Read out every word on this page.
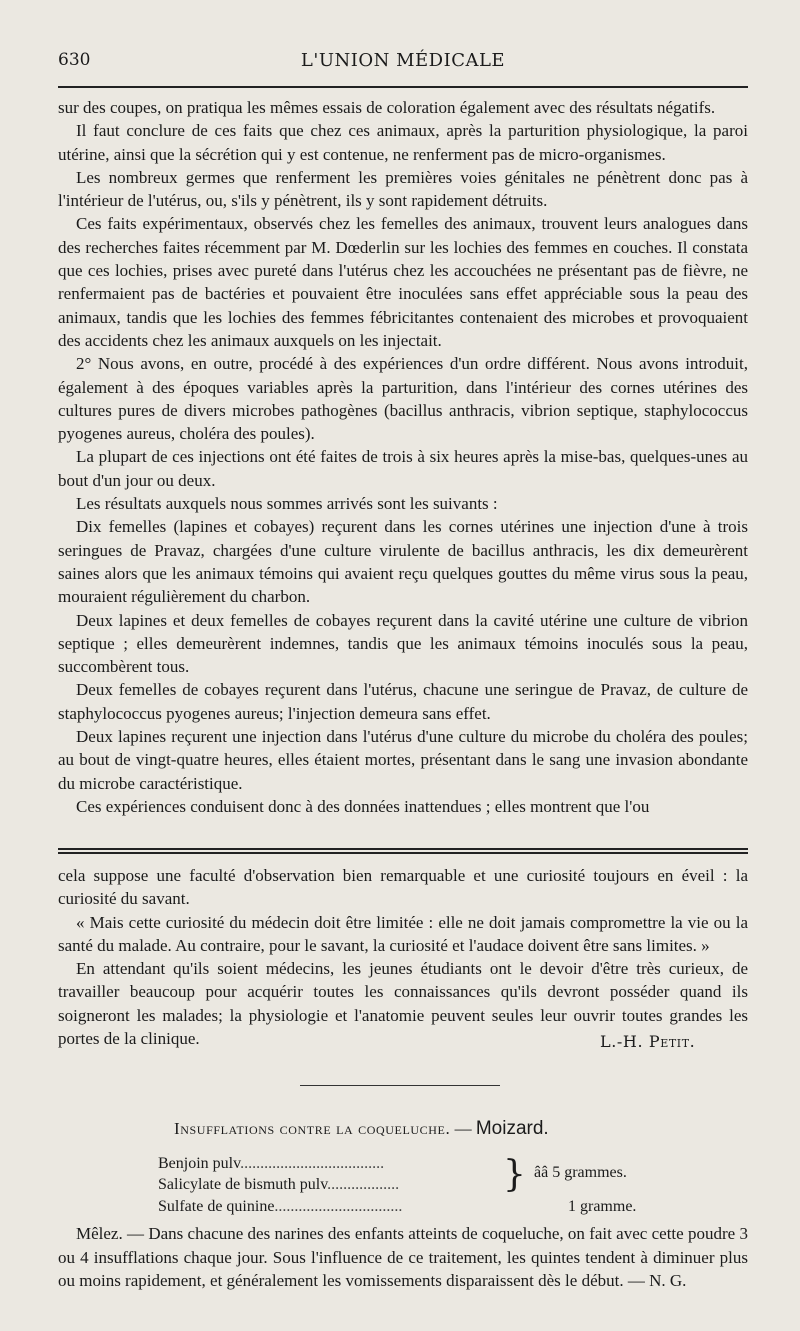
630	L'UNION MÉDICALE

sur des coupes, on pratiqua les mêmes essais de coloration également avec des résultats négatifs.

Il faut conclure de ces faits que chez ces animaux, après la parturition physiologique, la paroi utérine, ainsi que la sécrétion qui y est contenue, ne renferment pas de micro-organismes.

Les nombreux germes que renferment les premières voies génitales ne pénètrent donc pas à l'intérieur de l'utérus, ou, s'ils y pénètrent, ils y sont rapidement détruits.

Ces faits expérimentaux, observés chez les femelles des animaux, trouvent leurs analogues dans des recherches faites récemment par M. Dœderlin sur les lochies des femmes en couches. Il constata que ces lochies, prises avec pureté dans l'utérus chez les accouchées ne présentant pas de fièvre, ne renfermaient pas de bactéries et pouvaient être inoculées sans effet appréciable sous la peau des animaux, tandis que les lochies des femmes fébricitantes contenaient des microbes et provoquaient des accidents chez les animaux auxquels on les injectait.

2° Nous avons, en outre, procédé à des expériences d'un ordre différent. Nous avons introduit, également à des époques variables après la parturition, dans l'intérieur des cornes utérines des cultures pures de divers microbes pathogènes (bacillus anthracis, vibrion septique, staphylococcus pyogenes aureus, choléra des poules).

La plupart de ces injections ont été faites de trois à six heures après la mise-bas, quelques-unes au bout d'un jour ou deux.

Les résultats auxquels nous sommes arrivés sont les suivants :

Dix femelles (lapines et cobayes) reçurent dans les cornes utérines une injection d'une à trois seringues de Pravaz, chargées d'une culture virulente de bacillus anthracis, les dix demeurèrent saines alors que les animaux témoins qui avaient reçu quelques gouttes du même virus sous la peau, mouraient régulièrement du charbon.

Deux lapines et deux femelles de cobayes reçurent dans la cavité utérine une culture de vibrion septique ; elles demeurèrent indemnes, tandis que les animaux témoins inoculés sous la peau, succombèrent tous.

Deux femelles de cobayes reçurent dans l'utérus, chacune une seringue de Pravaz, de culture de staphylococcus pyogenes aureus; l'injection demeura sans effet.

Deux lapines reçurent une injection dans l'utérus d'une culture du microbe du choléra des poules; au bout de vingt-quatre heures, elles étaient mortes, présentant dans le sang une invasion abondante du microbe caractéristique.

Ces expériences conduisent donc à des données inattendues ; elles montrent que l'ou

cela suppose une faculté d'observation bien remarquable et une curiosité toujours en éveil : la curiosité du savant.

« Mais cette curiosité du médecin doit être limitée : elle ne doit jamais compromettre la vie ou la santé du malade. Au contraire, pour le savant, la curiosité et l'audace doivent être sans limites. »

En attendant qu'ils soient médecins, les jeunes étudiants ont le devoir d'être très curieux, de travailler beaucoup pour acquérir toutes les connaissances qu'ils devront posséder quand ils soigneront les malades; la physiologie et l'anatomie peuvent seules leur ouvrir toutes grandes les portes de la clinique.	L.-H. Petit.
Insufflations contre la coqueluche. — Moizard.
Benjoin pulv....................................
Salicylate de bismuth pulv..................
Sulfate de quinine................................
} ââ 5 grammes.
1 gramme.
Mêlez. — Dans chacune des narines des enfants atteints de coqueluche, on fait avec cette poudre 3 ou 4 insufflations chaque jour. Sous l'influence de ce traitement, les quintes tendent à diminuer plus ou moins rapidement, et généralement les vomissements disparaissent dès le début. — N. G.
